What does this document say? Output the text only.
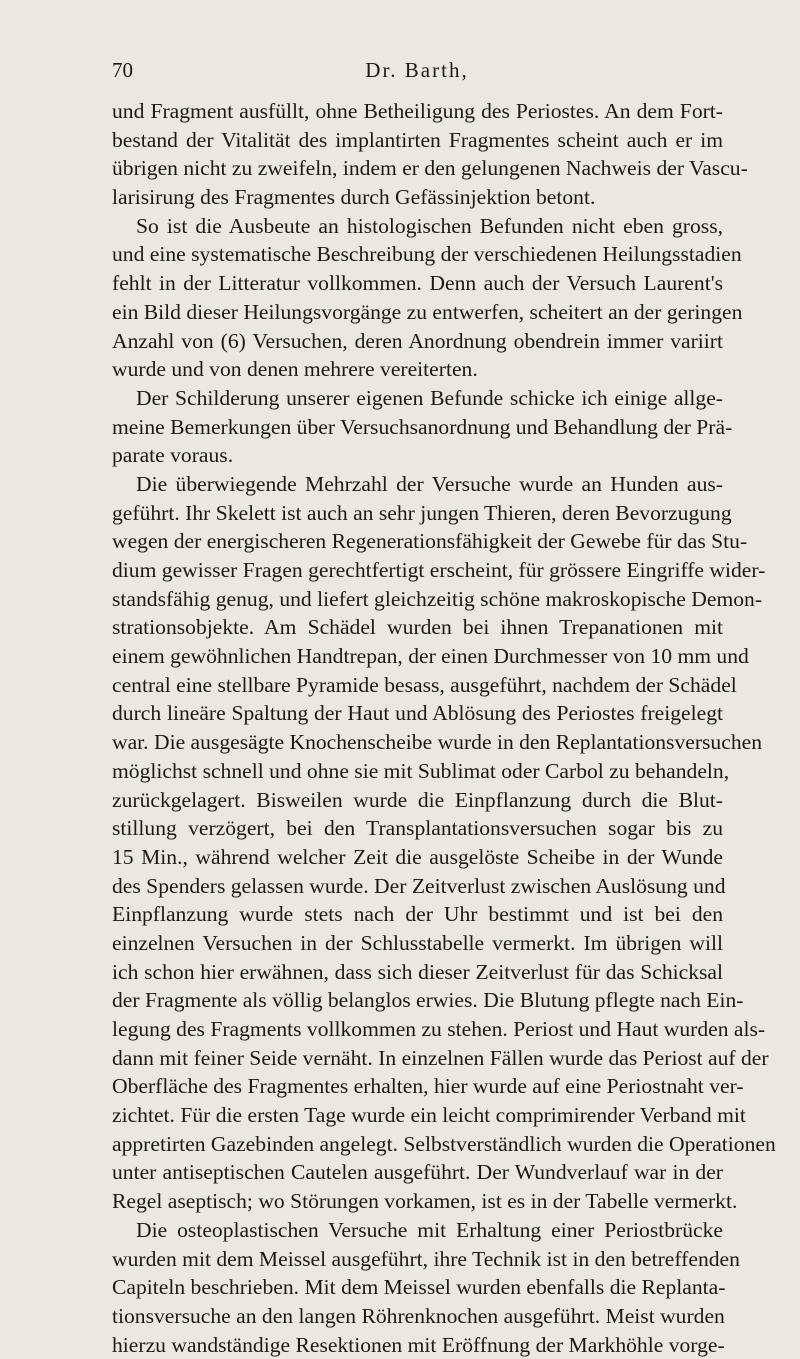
70	Dr. Barth,
und Fragment ausfüllt, ohne Betheiligung des Periostes. An dem Fort-
bestand der Vitalität des implantirten Fragmentes scheint auch er im
übrigen nicht zu zweifeln, indem er den gelungenen Nachweis der Vascu-
larisirung des Fragmentes durch Gefässinjektion betont.
So ist die Ausbeute an histologischen Befunden nicht eben gross,
und eine systematische Beschreibung der verschiedenen Heilungsstadien
fehlt in der Litteratur vollkommen. Denn auch der Versuch Laurent's
ein Bild dieser Heilungsvorgänge zu entwerfen, scheitert an der geringen
Anzahl von (6) Versuchen, deren Anordnung obendrein immer variirt
wurde und von denen mehrere vereiterten.
Der Schilderung unserer eigenen Befunde schicke ich einige allge-
meine Bemerkungen über Versuchsanordnung und Behandlung der Prä-
parate voraus.
Die überwiegende Mehrzahl der Versuche wurde an Hunden aus-
geführt. Ihr Skelett ist auch an sehr jungen Thieren, deren Bevorzugung
wegen der energischeren Regenerationsfähigkeit der Gewebe für das Stu-
dium gewisser Fragen gerechtfertigt erscheint, für grössere Eingriffe wider-
standsfähig genug, und liefert gleichzeitig schöne makroskopische Demon-
strationsobjekte. Am Schädel wurden bei ihnen Trepanationen mit
einem gewöhnlichen Handtrepan, der einen Durchmesser von 10 mm und
central eine stellbare Pyramide besass, ausgeführt, nachdem der Schädel
durch lineäre Spaltung der Haut und Ablösung des Periostes freigelegt
war. Die ausgesägte Knochenscheibe wurde in den Replantationsversuchen
möglichst schnell und ohne sie mit Sublimat oder Carbol zu behandeln,
zurückgelagert. Bisweilen wurde die Einpflanzung durch die Blut-
stillung verzögert, bei den Transplantationsversuchen sogar bis zu
15 Min., während welcher Zeit die ausgelöste Scheibe in der Wunde
des Spenders gelassen wurde. Der Zeitverlust zwischen Auslösung und
Einpflanzung wurde stets nach der Uhr bestimmt und ist bei den
einzelnen Versuchen in der Schlusstabelle vermerkt. Im übrigen will
ich schon hier erwähnen, dass sich dieser Zeitverlust für das Schicksal
der Fragmente als völlig belanglos erwies. Die Blutung pflegte nach Ein-
legung des Fragments vollkommen zu stehen. Periost und Haut wurden als-
dann mit feiner Seide vernäht. In einzelnen Fällen wurde das Periost auf der
Oberfläche des Fragmentes erhalten, hier wurde auf eine Periostnaht ver-
zichtet. Für die ersten Tage wurde ein leicht comprimirender Verband mit
appretirten Gazebinden angelegt. Selbstverständlich wurden die Operationen
unter antiseptischen Cautelen ausgeführt. Der Wundverlauf war in der
Regel aseptisch; wo Störungen vorkamen, ist es in der Tabelle vermerkt.
Die osteoplastischen Versuche mit Erhaltung einer Periostbrücke
wurden mit dem Meissel ausgeführt, ihre Technik ist in den betreffenden
Capiteln beschrieben. Mit dem Meissel wurden ebenfalls die Replanta-
tionsversuche an den langen Röhrenknochen ausgeführt. Meist wurden
hierzu wandständige Resektionen mit Eröffnung der Markhöhle vorge-
